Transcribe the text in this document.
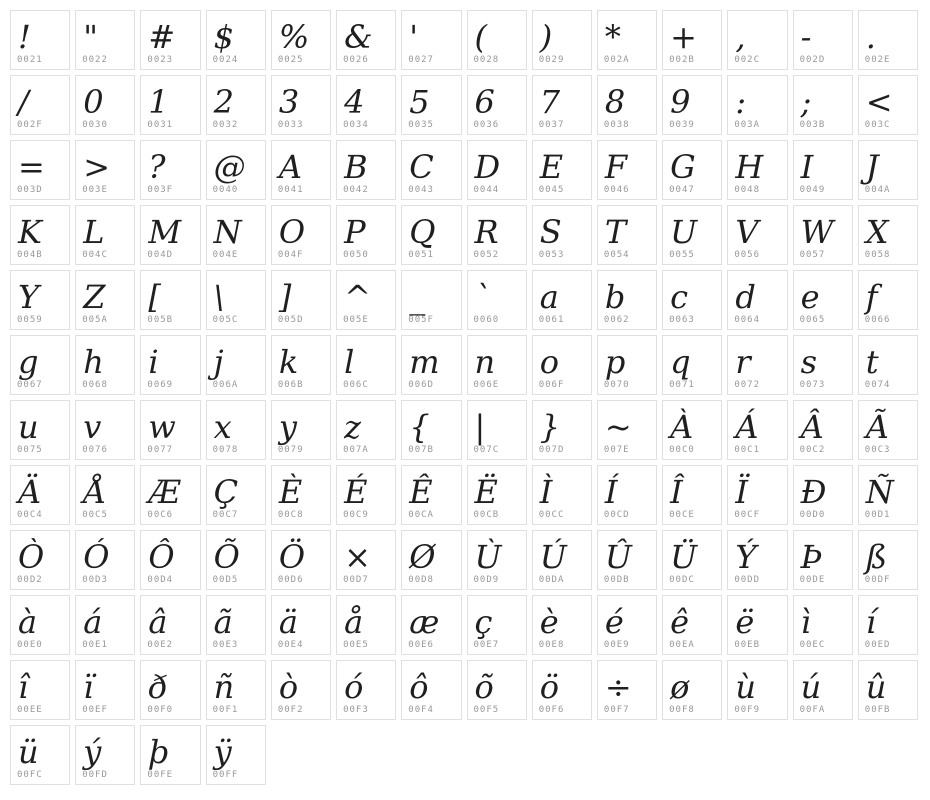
!
0021
"
0022
#
0023
$
0024
%
0025
&
0026
'
0027
(
0028
)
0029
*
002A
+
002B
,
002C
-
002D
.
002E
/
002F
0
0030
1
0031
2
0032
3
0033
4
0034
5
0035
6
0036
7
0037
8
0038
9
0039
:
003A
;
003B
<
003C
=
003D
>
003E
?
003F
@
0040
A
0041
B
0042
C
0043
D
0044
E
0045
F
0046
G
0047
H
0048
I
0049
J
004A
K
004B
L
004C
M
004D
N
004E
O
004F
P
0050
Q
0051
R
0052
S
0053
T
0054
U
0055
V
0056
W
0057
X
0058
Y
0059
Z
005A
[
005B
\
005C
]
005D
^
005E
_
005F
`
0060
a
0061
b
0062
c
0063
d
0064
e
0065
f
0066
g
0067
h
0068
i
0069
j
006A
k
006B
l
006C
m
006D
n
006E
o
006F
p
0070
q
0071
r
0072
s
0073
t
0074
u
0075
v
0076
w
0077
x
0078
y
0079
z
007A
{
007B
|
007C
}
007D
~
007E
À
00C0
Á
00C1
Â
00C2
Ã
00C3
Ä
00C4
Å
00C5
Æ
00C6
Ç
00C7
È
00C8
É
00C9
Ê
00CA
Ë
00CB
Ì
00CC
Í
00CD
Î
00CE
Ï
00CF
Ð
00D0
Ñ
00D1
Ò
00D2
Ó
00D3
Ô
00D4
Õ
00D5
Ö
00D6
×
00D7
Ø
00D8
Ù
00D9
Ú
00DA
Û
00DB
Ü
00DC
Ý
00DD
Þ
00DE
ß
00DF
à
00E0
á
00E1
â
00E2
ã
00E3
ä
00E4
å
00E5
æ
00E6
ç
00E7
è
00E8
é
00E9
ê
00EA
ë
00EB
ì
00EC
í
00ED
î
00EE
ï
00EF
ð
00F0
ñ
00F1
ò
00F2
ó
00F3
ô
00F4
õ
00F5
ö
00F6
÷
00F7
ø
00F8
ù
00F9
ú
00FA
û
00FB
ü
00FC
ý
00FD
þ
00FE
ÿ
00FF
